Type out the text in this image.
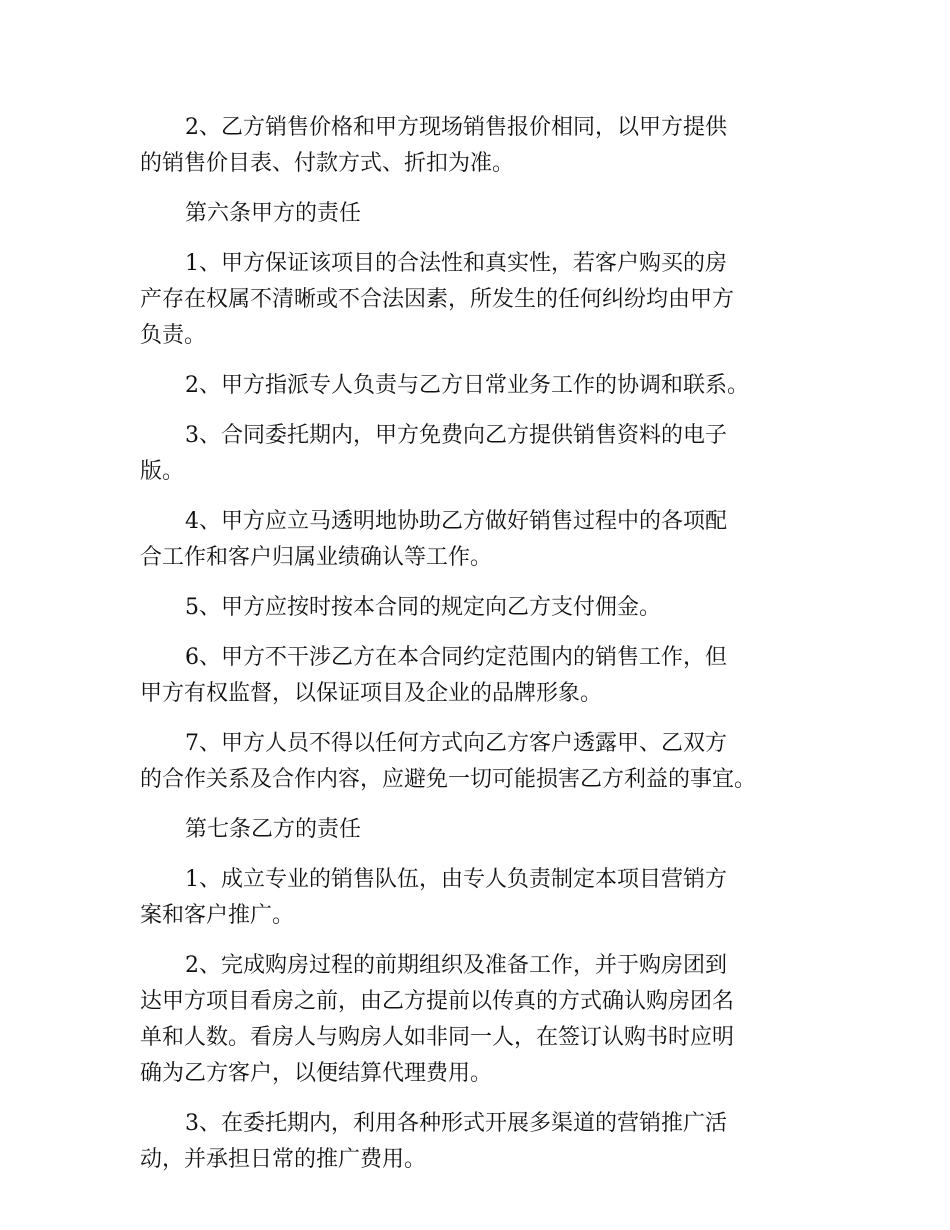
2、乙方销售价格和甲方现场销售报价相同，以甲方提供
的销售价目表、付款方式、折扣为准。
第六条甲方的责任
1、甲方保证该项目的合法性和真实性，若客户购买的房
产存在权属不清晰或不合法因素，所发生的任何纠纷均由甲方
负责。
2、甲方指派专人负责与乙方日常业务工作的协调和联系。
3、合同委托期内，甲方免费向乙方提供销售资料的电子
版。
4、甲方应立马透明地协助乙方做好销售过程中的各项配
合工作和客户归属业绩确认等工作。
5、甲方应按时按本合同的规定向乙方支付佣金。
6、甲方不干涉乙方在本合同约定范围内的销售工作，但
甲方有权监督，以保证项目及企业的品牌形象。
7、甲方人员不得以任何方式向乙方客户透露甲、乙双方
的合作关系及合作内容，应避免一切可能损害乙方利益的事宜。
第七条乙方的责任
1、成立专业的销售队伍，由专人负责制定本项目营销方
案和客户推广。
2、完成购房过程的前期组织及准备工作，并于购房团到
达甲方项目看房之前，由乙方提前以传真的方式确认购房团名
单和人数。看房人与购房人如非同一人，在签订认购书时应明
确为乙方客户，以便结算代理费用。
3、在委托期内，利用各种形式开展多渠道的营销推广活
动，并承担日常的推广费用。
